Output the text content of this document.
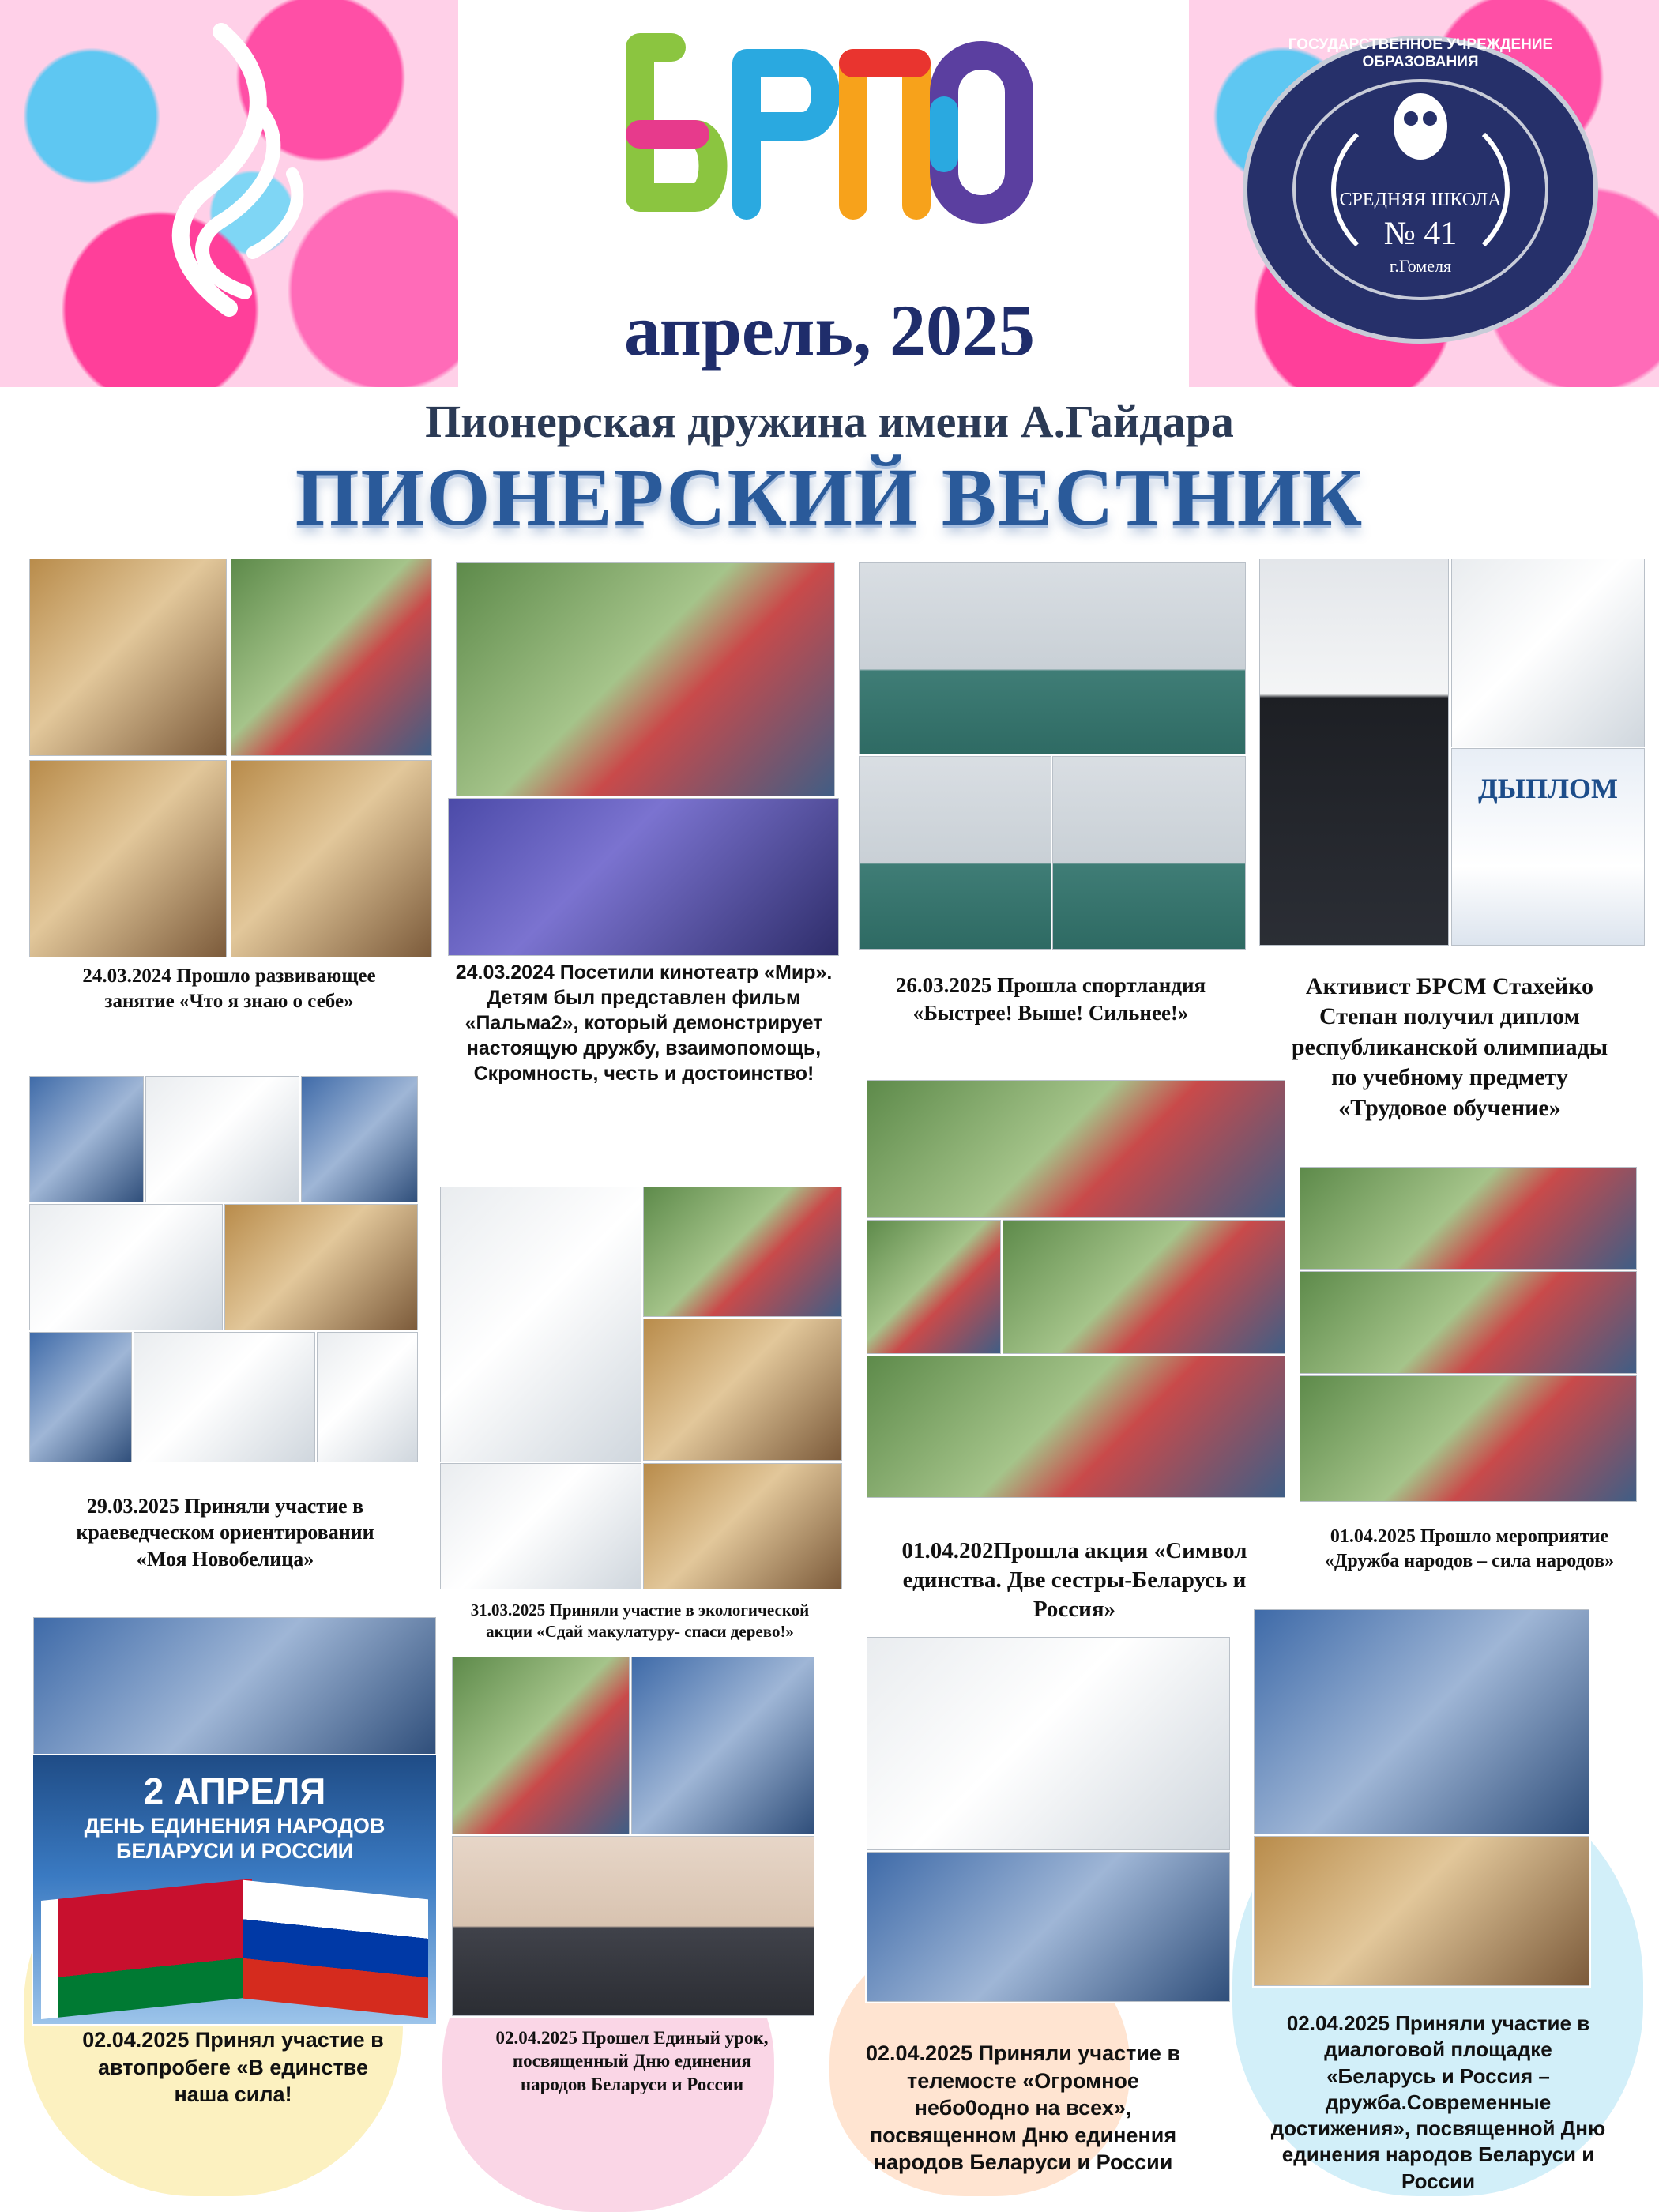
апрель, 2025
ГОСУДАРСТВЕННОЕ УЧРЕЖДЕНИЕ ОБРАЗОВАНИЯ
СРЕДНЯЯ ШКОЛА
№ 41
г.Гомеля
Пионерская дружина имени А.Гайдара
ПИОНЕРСКИЙ ВЕСТНИК
ДЫПЛОМ
24.03.2024 Прошло развивающее занятие «Что я знаю о себе»
24.03.2024 Посетили кинотеатр «Мир». Детям был представлен фильм «Пальма2», который демонстрирует настоящую дружбу, взаимопомощь, Скромность, честь и достоинство!
26.03.2025 Прошла спортландия «Быстрее! Выше! Сильнее!»
Активист БРСМ Стахейко Степан получил диплом республиканской олимпиады по учебному предмету «Трудовое обучение»
29.03.2025 Приняли участие в краеведческом ориентировании «Моя Новобелица»
31.03.2025 Приняли участие в экологической акции «Сдай макулатуру- спаси дерево!»
01.04.202Прошла акция «Символ единства. Две сестры-Беларусь и Россия»
01.04.2025 Прошло мероприятие «Дружба народов – сила народов»
2 АПРЕЛЯ
ДЕНЬ ЕДИНЕНИЯ НАРОДОВ
БЕЛАРУСИ И РОССИИ
02.04.2025 Принял участие в автопробеге «В единстве наша сила!
02.04.2025 Прошел Единый урок, посвященный Дню единения народов Беларуси и России
02.04.2025 Приняли участие в телемосте «Огромное небо0одно на всех», посвященном Дню единения народов Беларуси и России
02.04.2025 Приняли участие в диалоговой площадке «Беларусь и Россия – дружба.Современные достижения», посвященной Дню единения народов Беларуси и России
